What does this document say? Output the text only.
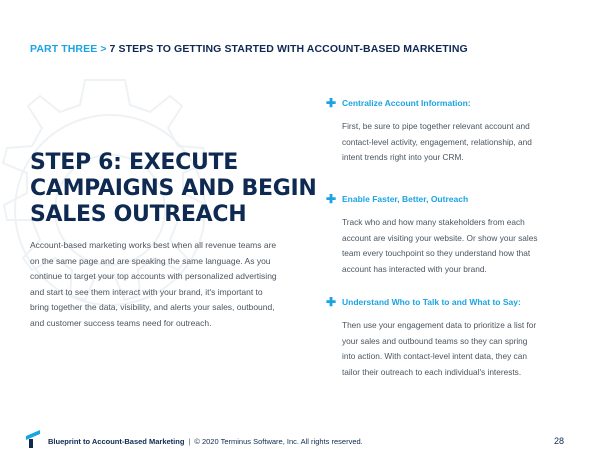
PART THREE > 7 STEPS TO GETTING STARTED WITH ACCOUNT-BASED MARKETING
STEP 6: EXECUTE
CAMPAIGNS AND BEGIN
SALES OUTREACH
Account-based marketing works best when all revenue teams are on the same page and are speaking the same language. As you continue to target your top accounts with personalized advertising and start to see them interact with your brand, it's important to bring together the data, visibility, and alerts your sales, outbound, and customer success teams need for outreach.
✚ Centralize Account Information:
First, be sure to pipe together relevant account and contact-level activity, engagement, relationship, and intent trends right into your CRM.
✚ Enable Faster, Better, Outreach
Track who and how many stakeholders from each account are visiting your website. Or show your sales team every touchpoint so they understand how that account has interacted with your brand.
✚ Understand Who to Talk to and What to Say:
Then use your engagement data to prioritize a list for your sales and outbound teams so they can spring into action. With contact-level intent data, they can tailor their outreach to each individual's interests.
Blueprint to Account-Based Marketing | © 2020 Terminus Software, Inc. All rights reserved.	28
